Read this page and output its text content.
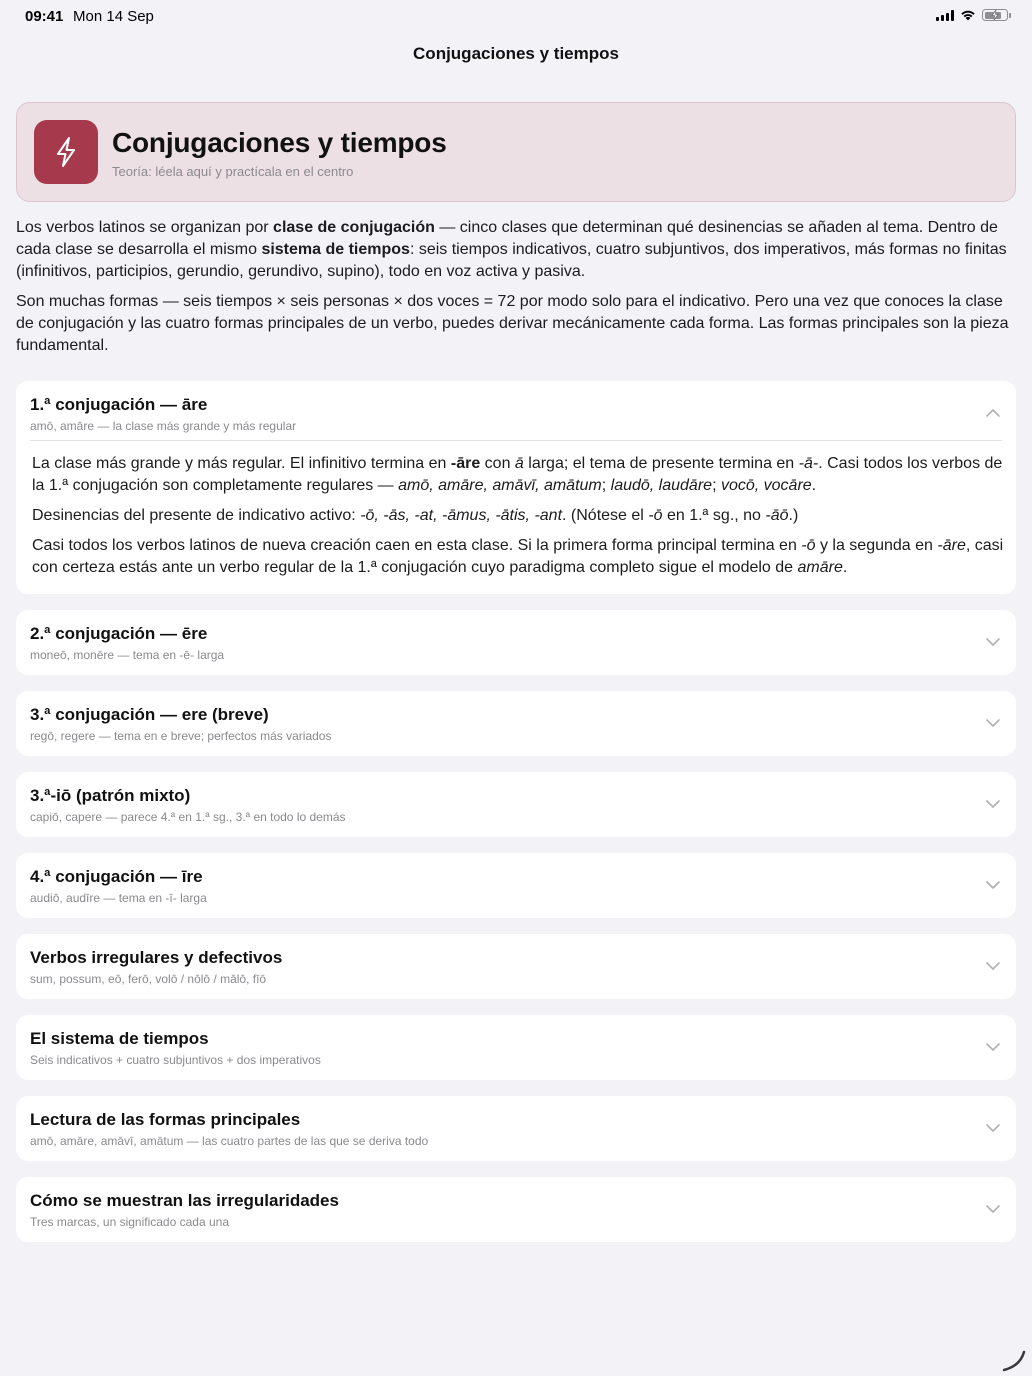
09:41 Mon 14 Sep
Conjugaciones y tiempos
Conjugaciones y tiempos
Teoría: léela aquí y practícala en el centro

Los verbos latinos se organizan por clase de conjugación — cinco clases que determinan qué desinencias se añaden al tema. Dentro de cada clase se desarrolla el mismo sistema de tiempos: seis tiempos indicativos, cuatro subjuntivos, dos imperativos, más formas no finitas (infinitivos, participios, gerundio, gerundivo, supino), todo en voz activa y pasiva.

Son muchas formas — seis tiempos × seis personas × dos voces = 72 por modo solo para el indicativo. Pero una vez que conoces la clase de conjugación y las cuatro formas principales de un verbo, puedes derivar mecánicamente cada forma. Las formas principales son la pieza fundamental.

1.ª conjugación — āre
amō, amāre — la clase más grande y más regular

La clase más grande y más regular. El infinitivo termina en -āre con ā larga; el tema de presente termina en -ā-. Casi todos los verbos de la 1.ª conjugación son completamente regulares — amō, amāre, amāvī, amātum; laudō, laudāre; vocō, vocāre.

Desinencias del presente de indicativo activo: -ō, -ās, -at, -āmus, -ātis, -ant. (Nótese el -ō en 1.ª sg., no -āō.)

Casi todos los verbos latinos de nueva creación caen en esta clase. Si la primera forma principal termina en -ō y la segunda en -āre, casi con certeza estás ante un verbo regular de la 1.ª conjugación cuyo paradigma completo sigue el modelo de amāre.

2.ª conjugación — ēre
moneō, monēre — tema en -ē- larga
3.ª conjugación — ere (breve)
regō, regere — tema en e breve; perfectos más variados
3.ª-iō (patrón mixto)
capiō, capere — parece 4.ª en 1.ª sg., 3.ª en todo lo demás
4.ª conjugación — īre
audiō, audīre — tema en -ī- larga
Verbos irregulares y defectivos
sum, possum, eō, ferō, volō / nōlō / mālō, fīō
El sistema de tiempos
Seis indicativos + cuatro subjuntivos + dos imperativos
Lectura de las formas principales
amō, amāre, amāvī, amātum — las cuatro partes de las que se deriva todo
Cómo se muestran las irregularidades
Tres marcas, un significado cada una
